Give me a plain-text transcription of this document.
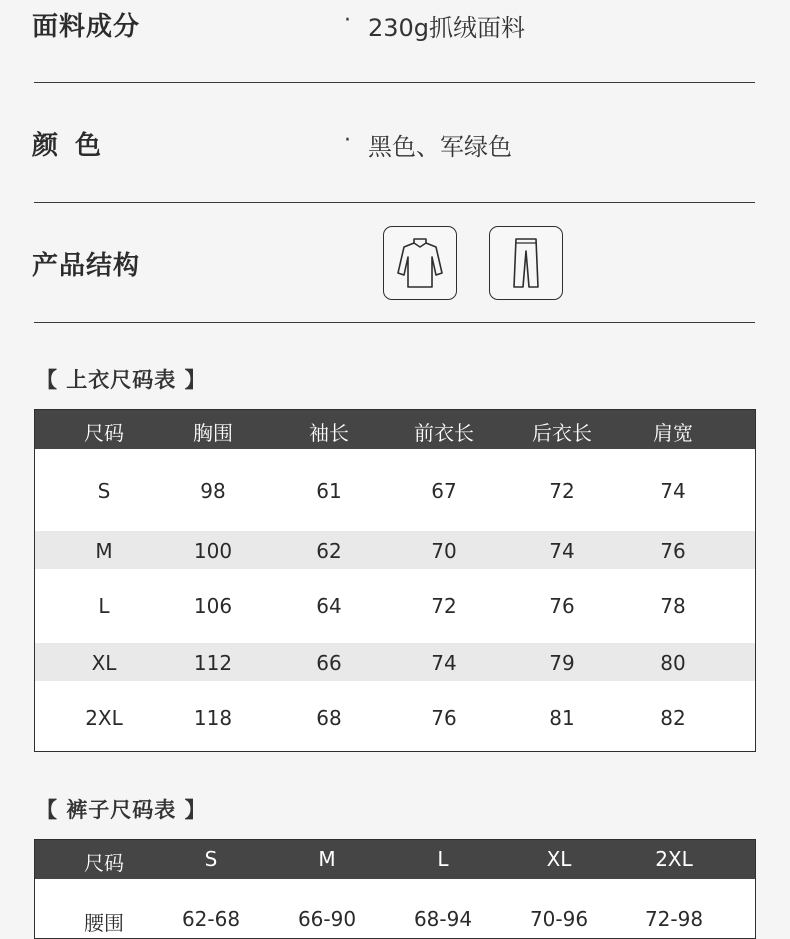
面料成分	· 230g抓绒面料
颜 色	· 黑色、军绿色
产品结构
【 上衣尺码表 】
尺码	胸围	袖长	前衣长	后衣长	肩宽
S	98	61	67	72	74
M	100	62	70	74	76
L	106	64	72	76	78
XL	112	66	74	79	80
2XL	118	68	76	81	82
【 裤子尺码表 】
尺码	S	M	L	XL	2XL
腰围	62-68	66-90	68-94	70-96	72-98
